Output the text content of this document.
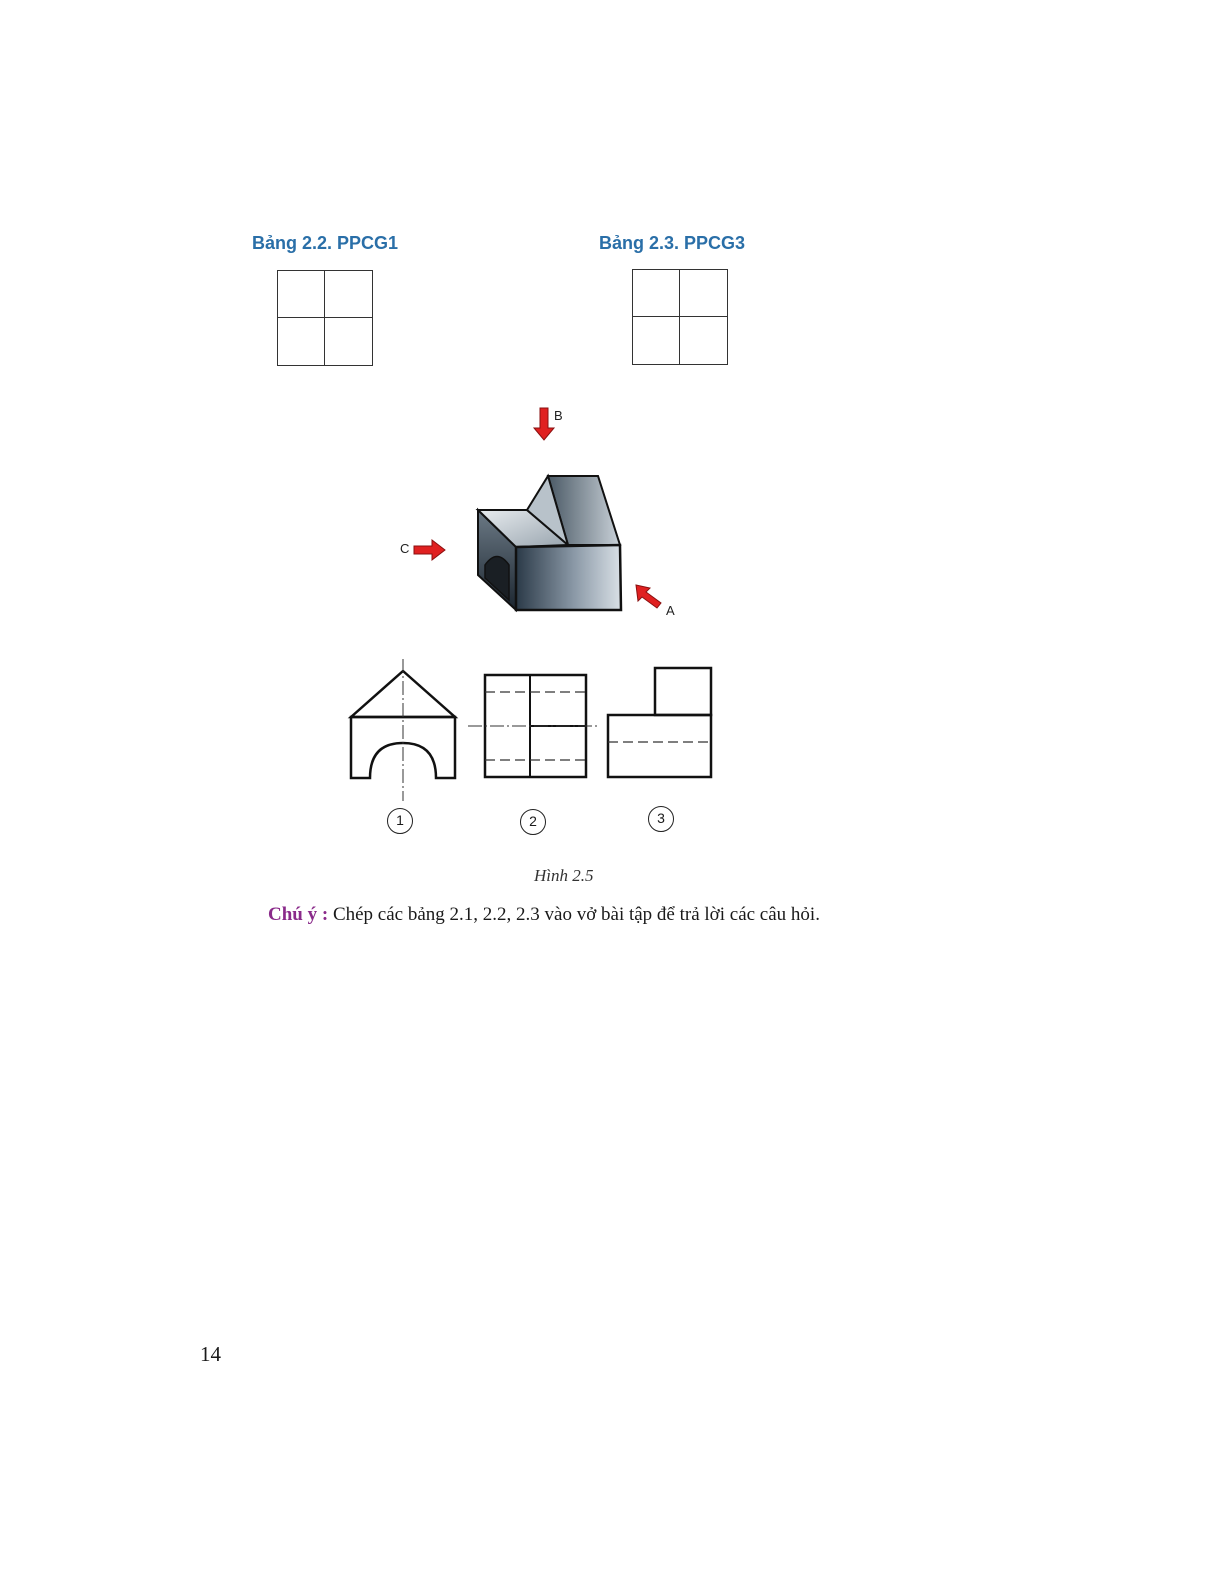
Bảng 2.2. PPCG1	Bảng 2.3. PPCG3
B
C
A
1	2	3
Hình 2.5
Chú ý : Chép các bảng 2.1, 2.2, 2.3 vào vở bài tập để trả lời các câu hỏi.
14
